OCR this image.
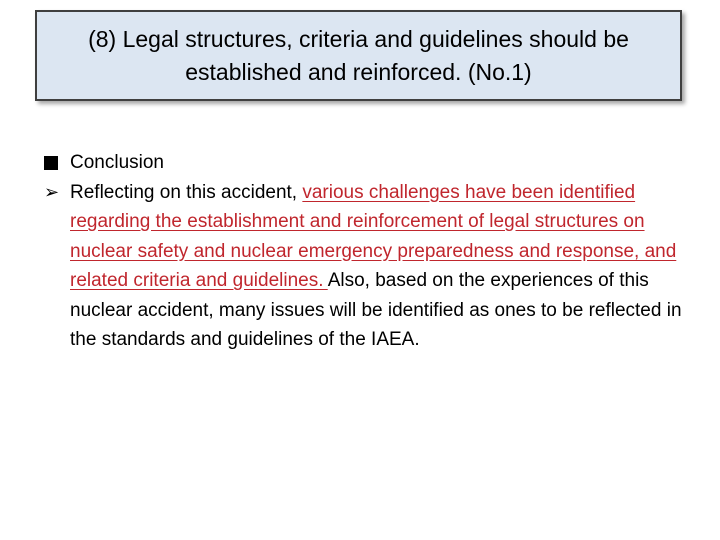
(8) Legal structures, criteria and guidelines should be established and reinforced. (No.1)
Conclusion
➢ Reflecting on this accident, various challenges have been identified regarding the establishment and reinforcement of legal structures on nuclear safety and nuclear emergency preparedness and response, and related criteria and guidelines. Also, based on the experiences of this nuclear accident, many issues will be identified as ones to be reflected in the standards and guidelines of the IAEA.
